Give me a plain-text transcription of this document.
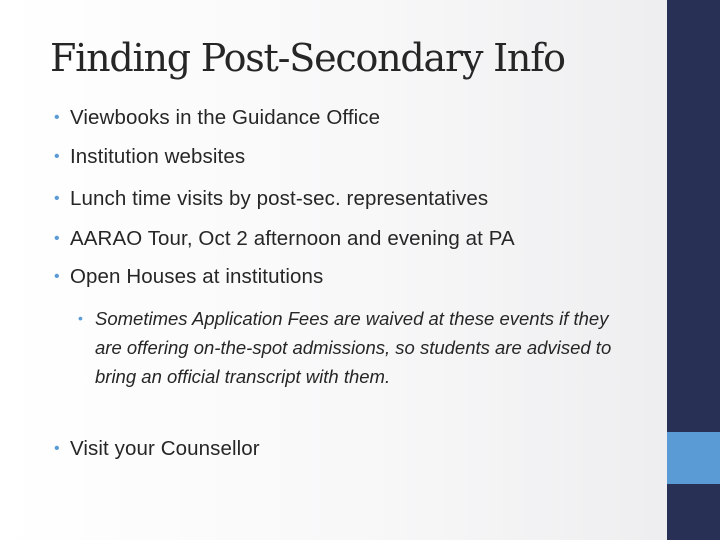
Finding Post-Secondary Info
• Viewbooks in the Guidance Office
• Institution websites
• Lunch time visits by post-sec. representatives
• AARAO Tour, Oct 2 afternoon and evening at PA
• Open Houses at institutions
• Sometimes Application Fees are waived at these events if they are offering on-the-spot admissions, so students are advised to bring an official transcript with them.
• Visit your Counsellor
